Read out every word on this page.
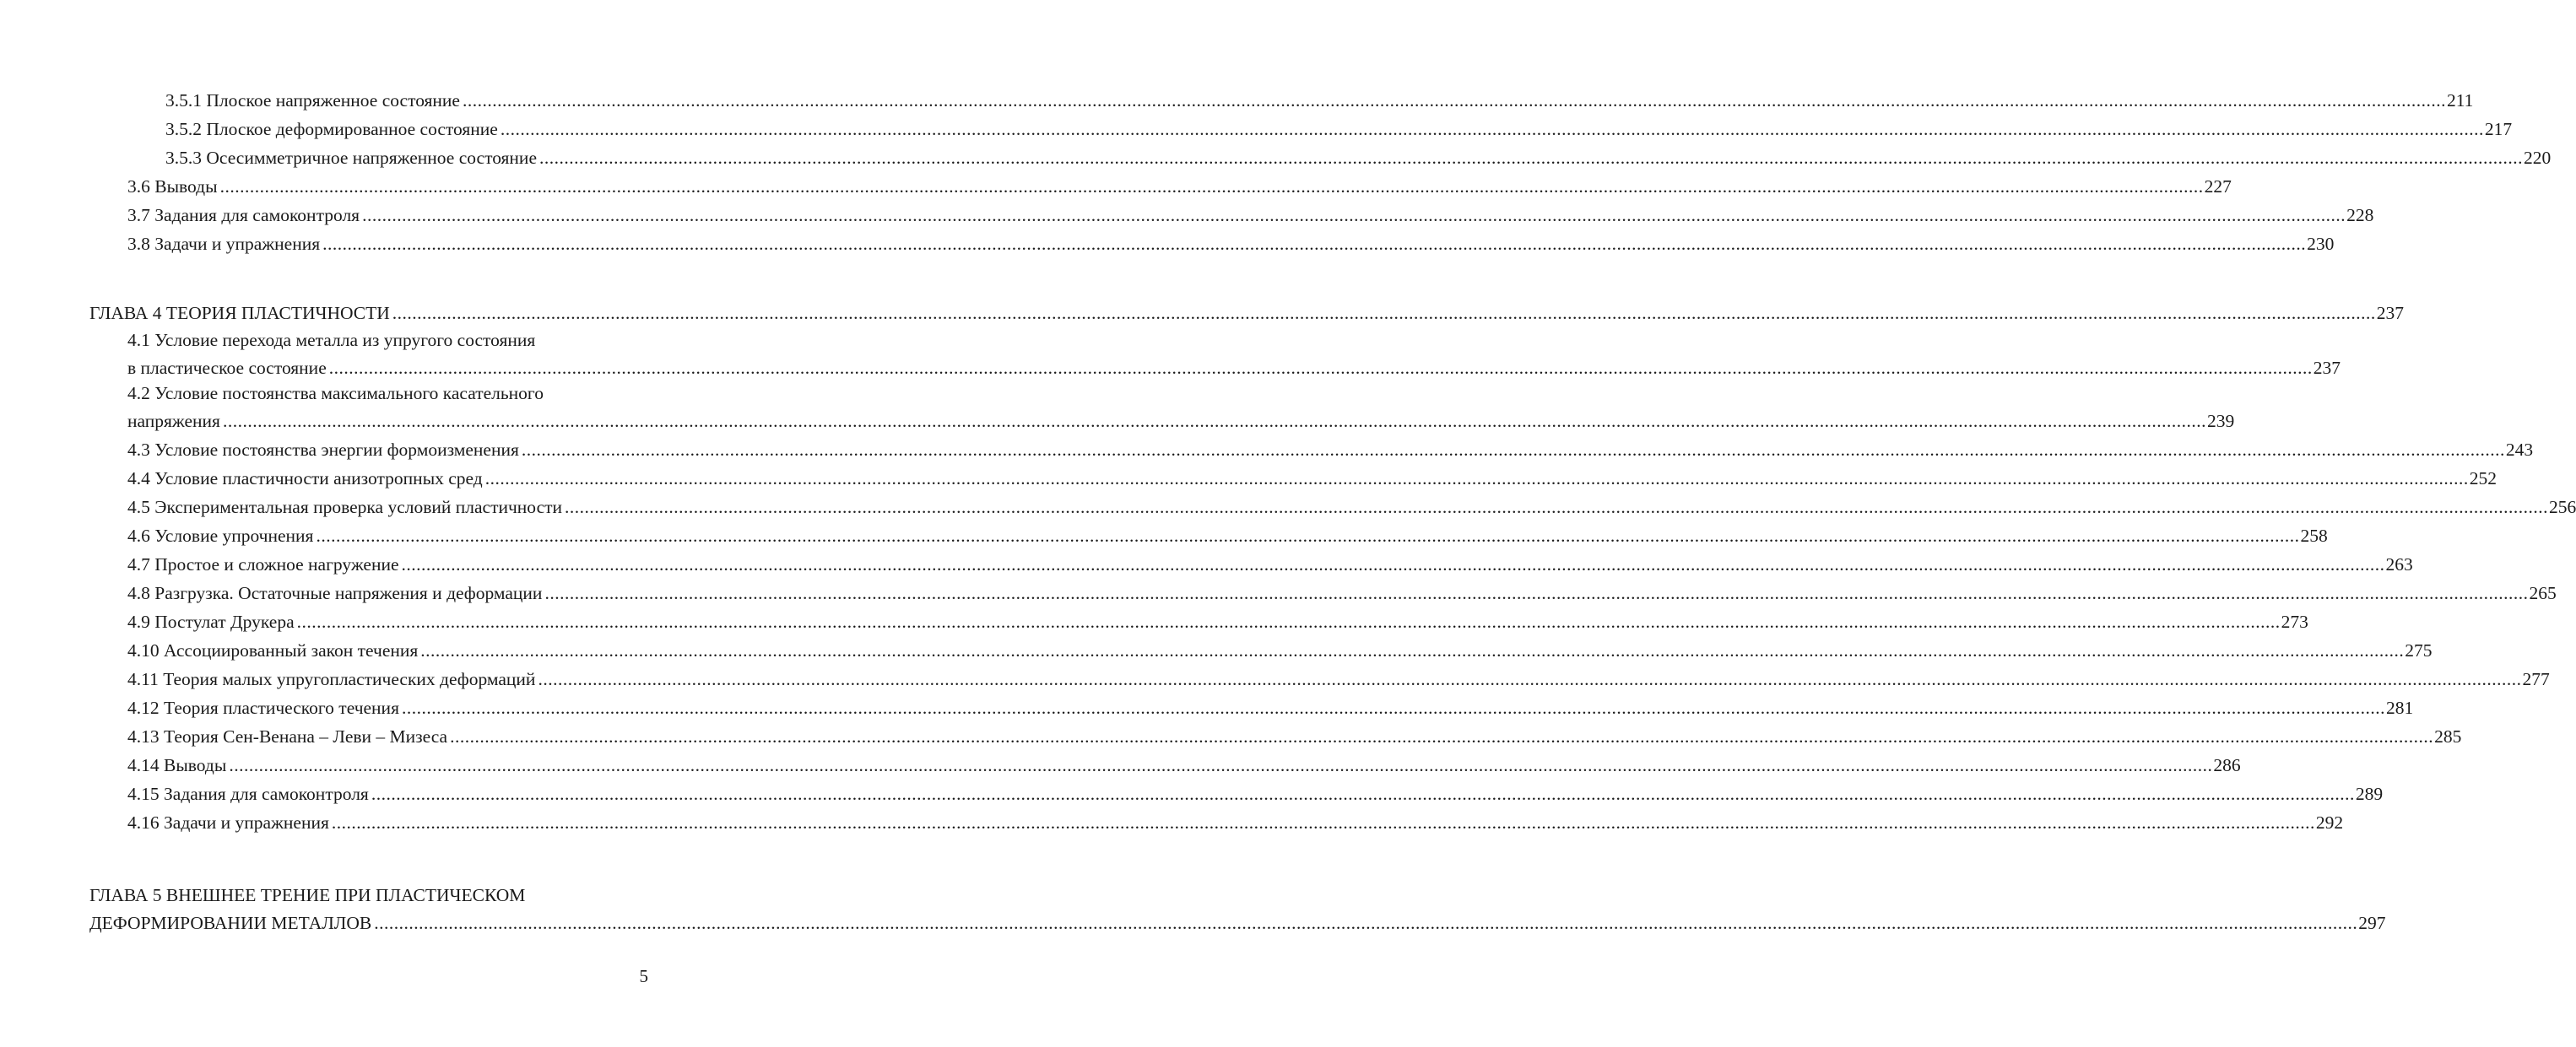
3.5.1 Плоское напряженное состояние ................................................................................................................................................................................................................................................................................................................................................................................................................ 211
3.5.2 Плоское деформированное состояние ................................................................................................................................................................................................................................................................................................................................................................................................................ 217
3.5.3 Осесимметричное напряженное состояние ................................................................................................................................................................................................................................................................................................................................................................................................................ 220
3.6 Выводы ................................................................................................................................................................................................................................................................................................................................................................................................................ 227
3.7 Задания для самоконтроля ................................................................................................................................................................................................................................................................................................................................................................................................................ 228
3.8 Задачи и упражнения ................................................................................................................................................................................................................................................................................................................................................................................................................ 230
ГЛАВА 4 ТЕОРИЯ ПЛАСТИЧНОСТИ ................................................................................................................................................................................................................................................................................................................................................................................................................ 237
4.1 Условие перехода металла из упругого состояния
в пластическое состояние ................................................................................................................................................................................................................................................................................................................................................................................................................ 237
4.2 Условие постоянства максимального касательного
напряжения ................................................................................................................................................................................................................................................................................................................................................................................................................ 239
4.3 Условие постоянства энергии формоизменения ................................................................................................................................................................................................................................................................................................................................................................................................................ 243
4.4 Условие пластичности анизотропных сред ................................................................................................................................................................................................................................................................................................................................................................................................................ 252
4.5 Экспериментальная проверка условий пластичности ................................................................................................................................................................................................................................................................................................................................................................................................................ 256
4.6 Условие упрочнения ................................................................................................................................................................................................................................................................................................................................................................................................................ 258
4.7 Простое и сложное нагружение ................................................................................................................................................................................................................................................................................................................................................................................................................ 263
4.8 Разгрузка. Остаточные напряжения и деформации ................................................................................................................................................................................................................................................................................................................................................................................................................ 265
4.9 Постулат Друкера ................................................................................................................................................................................................................................................................................................................................................................................................................ 273
4.10 Ассоциированный закон течения ................................................................................................................................................................................................................................................................................................................................................................................................................ 275
4.11 Теория малых упругопластических деформаций ................................................................................................................................................................................................................................................................................................................................................................................................................ 277
4.12 Теория пластического течения ................................................................................................................................................................................................................................................................................................................................................................................................................ 281
4.13 Теория Сен-Венана – Леви – Мизеса ................................................................................................................................................................................................................................................................................................................................................................................................................ 285
4.14 Выводы ................................................................................................................................................................................................................................................................................................................................................................................................................ 286
4.15 Задания для самоконтроля ................................................................................................................................................................................................................................................................................................................................................................................................................ 289
4.16 Задачи и упражнения ................................................................................................................................................................................................................................................................................................................................................................................................................ 292
ГЛАВА 5 ВНЕШНЕЕ ТРЕНИЕ ПРИ ПЛАСТИЧЕСКОМ
ДЕФОРМИРОВАНИИ МЕТАЛЛОВ ................................................................................................................................................................................................................................................................................................................................................................................................................ 297
5
